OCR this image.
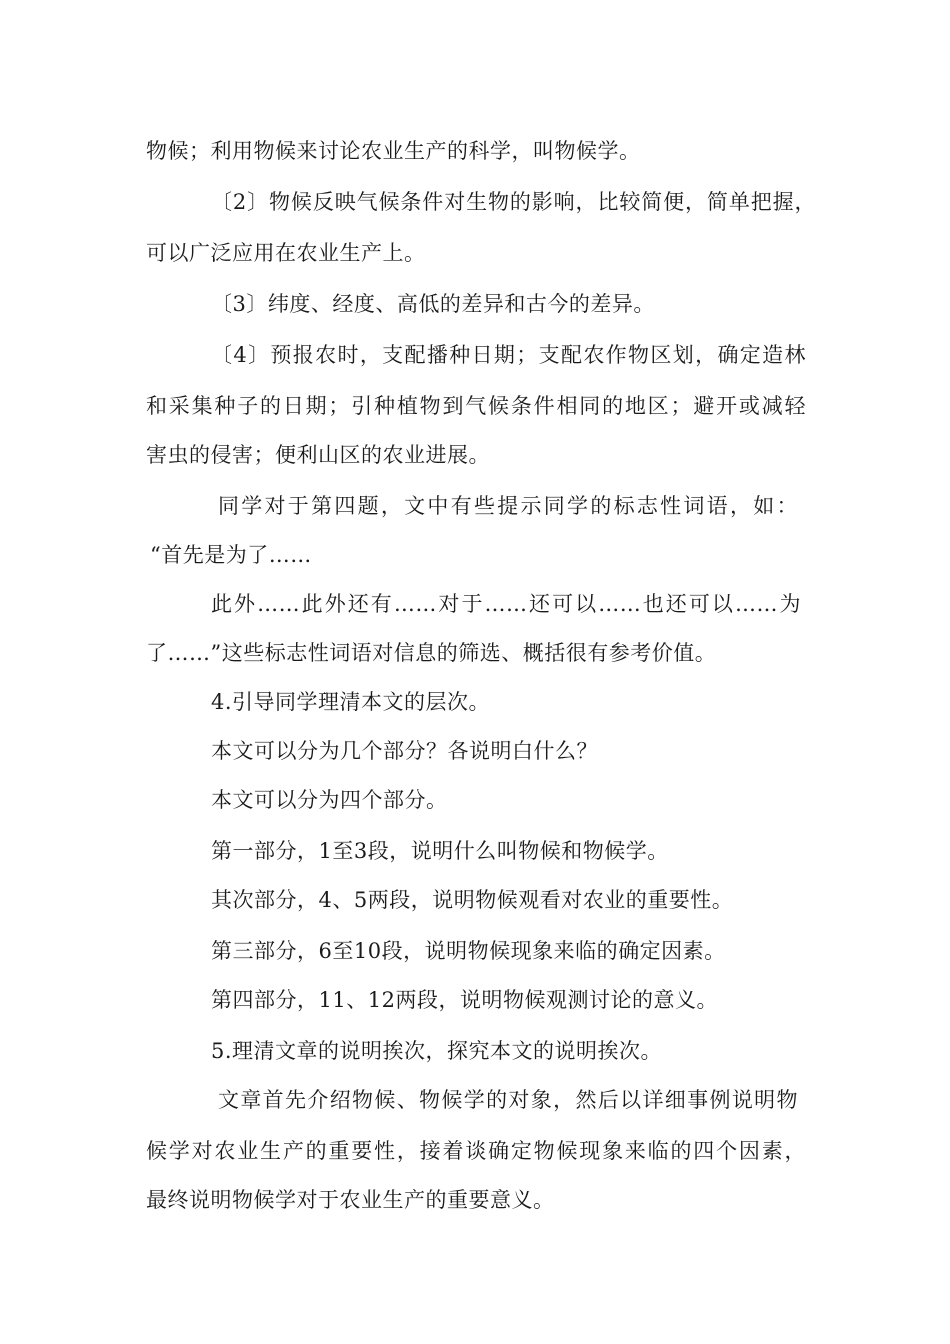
物候；利用物候来讨论农业生产的科学，叫物候学。
〔2〕物候反映气候条件对生物的影响，比较简便，简单把握，
可以广泛应用在农业生产上。
〔3〕纬度、经度、高低的差异和古今的差异。
〔4〕预报农时，支配播种日期；支配农作物区划，确定造林
和采集种子的日期；引种植物到气候条件相同的地区；避开或减轻
害虫的侵害；便利山区的农业进展。
同学对于第四题，文中有些提示同学的标志性词语，如：
“首先是为了……
此外……此外还有……对于……还可以……也还可以……为
了……”这些标志性词语对信息的筛选、概括很有参考价值。
4.引导同学理清本文的层次。
本文可以分为几个部分？各说明白什么？
本文可以分为四个部分。
第一部分，1至3段，说明什么叫物候和物候学。
其次部分，4、5两段，说明物候观看对农业的重要性。
第三部分，6至10段，说明物候现象来临的确定因素。
第四部分，11、12两段，说明物候观测讨论的意义。
5.理清文章的说明挨次，探究本文的说明挨次。
文章首先介绍物候、物候学的对象，然后以详细事例说明物
候学对农业生产的重要性，接着谈确定物候现象来临的四个因素，
最终说明物候学对于农业生产的重要意义。
